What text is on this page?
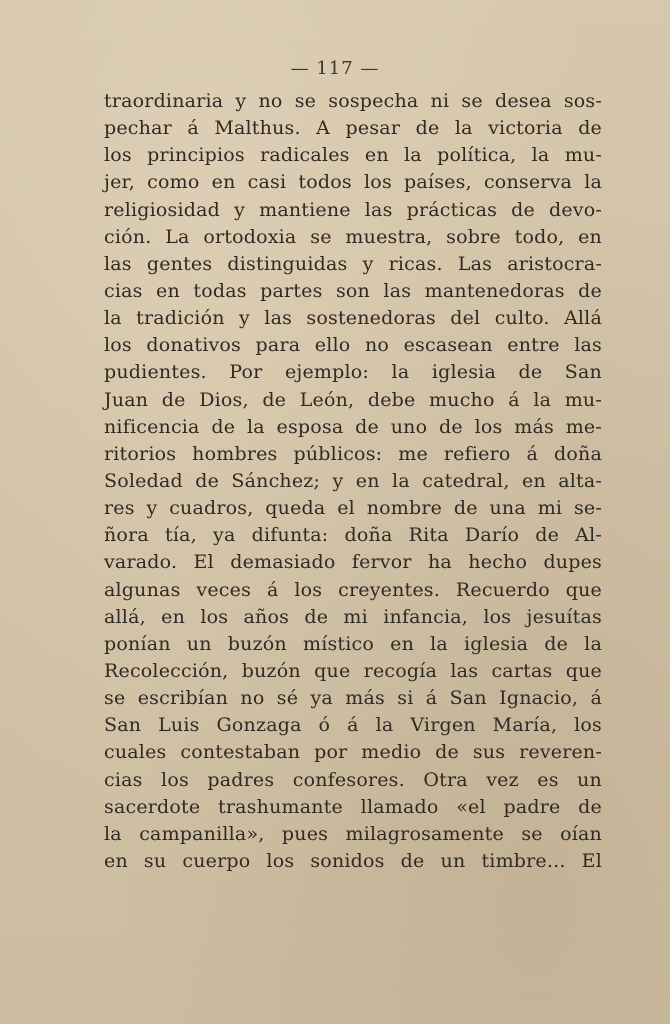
— 117 —
traordinaria y no se sospecha ni se desea sos-
pechar á Malthus. A pesar de la victoria de
los principios radicales en la política, la mu-
jer, como en casi todos los países, conserva la
religiosidad y mantiene las prácticas de devo-
ción. La ortodoxia se muestra, sobre todo, en
las gentes distinguidas y ricas. Las aristocra-
cias en todas partes son las mantenedoras de
la tradición y las sostenedoras del culto. Allá
los donativos para ello no escasean entre las
pudientes. Por ejemplo: la iglesia de San
Juan de Dios, de León, debe mucho á la mu-
nificencia de la esposa de uno de los más me-
ritorios hombres públicos: me refiero á doña
Soledad de Sánchez; y en la catedral, en alta-
res y cuadros, queda el nombre de una mi se-
ñora tía, ya difunta: doña Rita Darío de Al-
varado. El demasiado fervor ha hecho dupes
algunas veces á los creyentes. Recuerdo que
allá, en los años de mi infancia, los jesuítas
ponían un buzón místico en la iglesia de la
Recolección, buzón que recogía las cartas que
se escribían no sé ya más si á San Ignacio, á
San Luis Gonzaga ó á la Virgen María, los
cuales contestaban por medio de sus reveren-
cias los padres confesores. Otra vez es un
sacerdote trashumante llamado «el padre de
la campanilla», pues milagrosamente se oían
en su cuerpo los sonidos de un timbre... El
